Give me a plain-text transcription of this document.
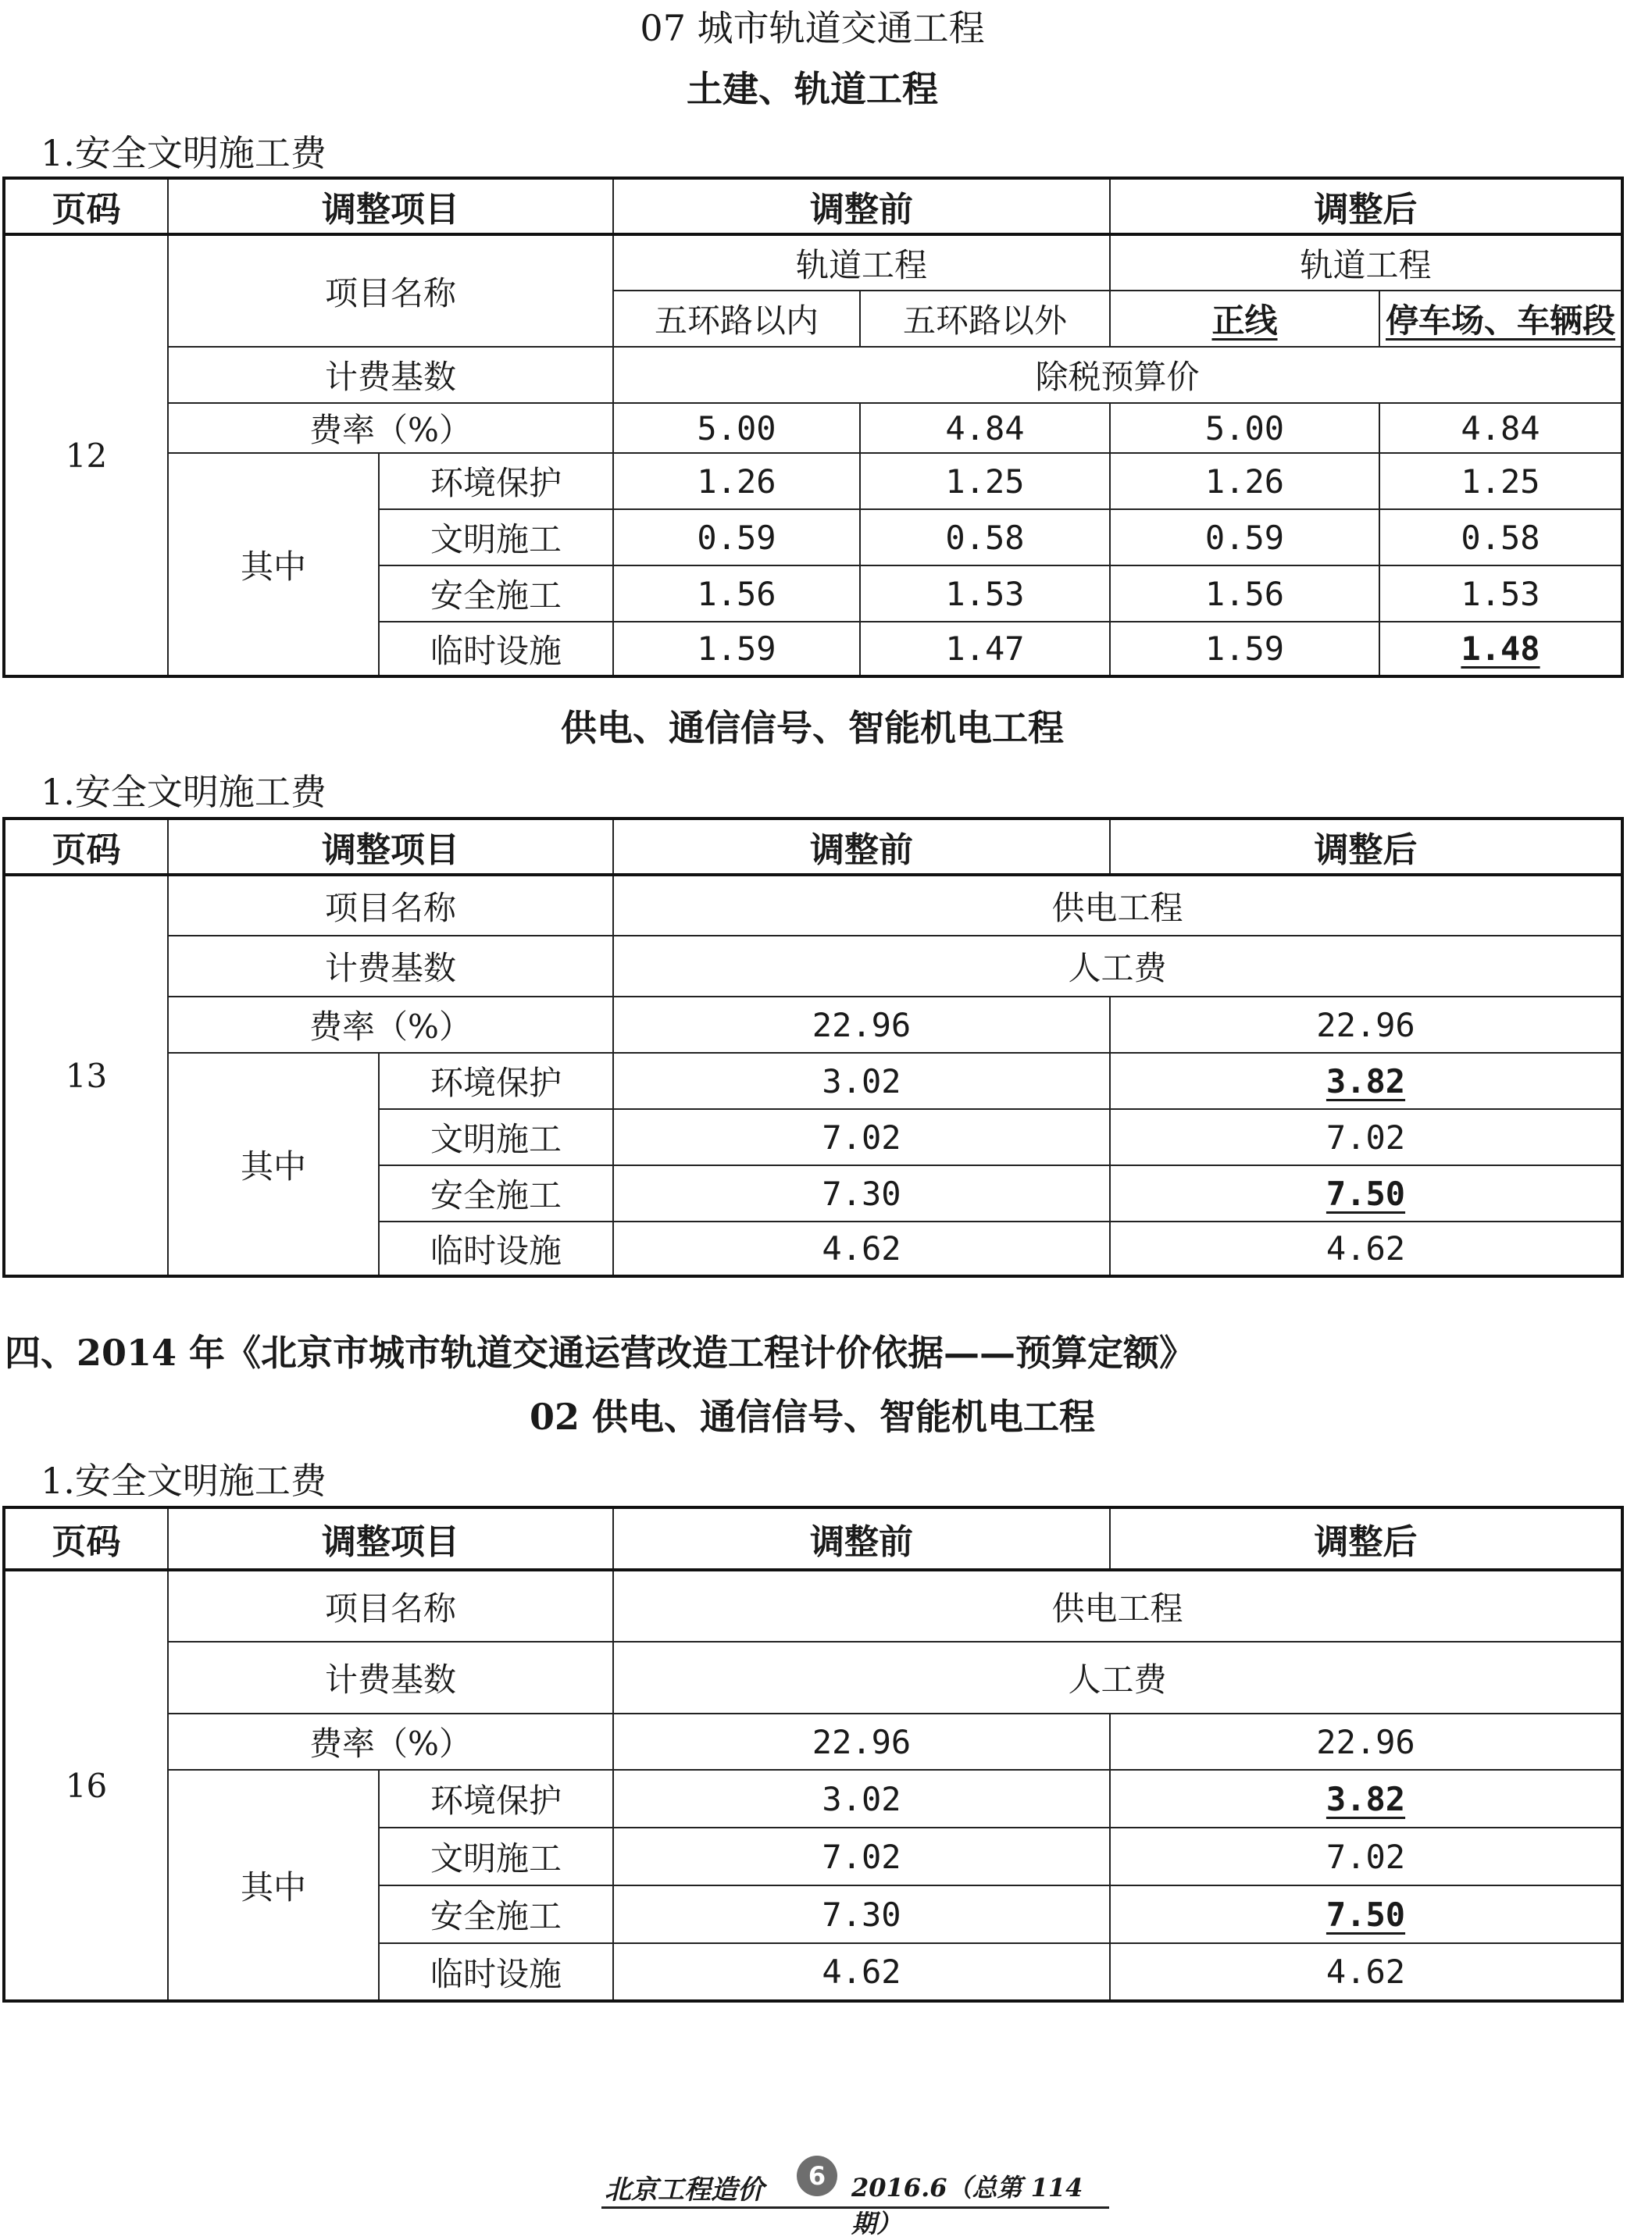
07 城市轨道交通工程
土建、轨道工程
1.安全文明施工费
页码	调整项目		调整前		调整后	
12	项目名称		轨道工程		轨道工程	
			五环路以内	五环路以外	正线	停车场、车辆段
	计费基数		除税预算价			
	费率（%）		5.00	4.84	5.00	4.84
	其中	环境保护	1.26	1.25	1.26	1.25
		文明施工	0.59	0.58	0.59	0.58
		安全施工	1.56	1.53	1.56	1.53
		临时设施	1.59	1.47	1.59	1.48
供电、通信信号、智能机电工程
1.安全文明施工费
页码	调整项目		调整前	调整后
13	项目名称		供电工程	
	计费基数		人工费	
	费率（%）		22.96	22.96
	其中	环境保护	3.02	3.82
		文明施工	7.02	7.02
		安全施工	7.30	7.50
		临时设施	4.62	4.62
四、2014 年《北京市城市轨道交通运营改造工程计价依据——预算定额》
02 供电、通信信号、智能机电工程
1.安全文明施工费
页码	调整项目		调整前	调整后
16	项目名称		供电工程	
	计费基数		人工费	
	费率（%）		22.96	22.96
	其中	环境保护	3.02	3.82
		文明施工	7.02	7.02
		安全施工	7.30	7.50
		临时设施	4.62	4.62
北京工程造价	6	2016.6（总第 114 期）
